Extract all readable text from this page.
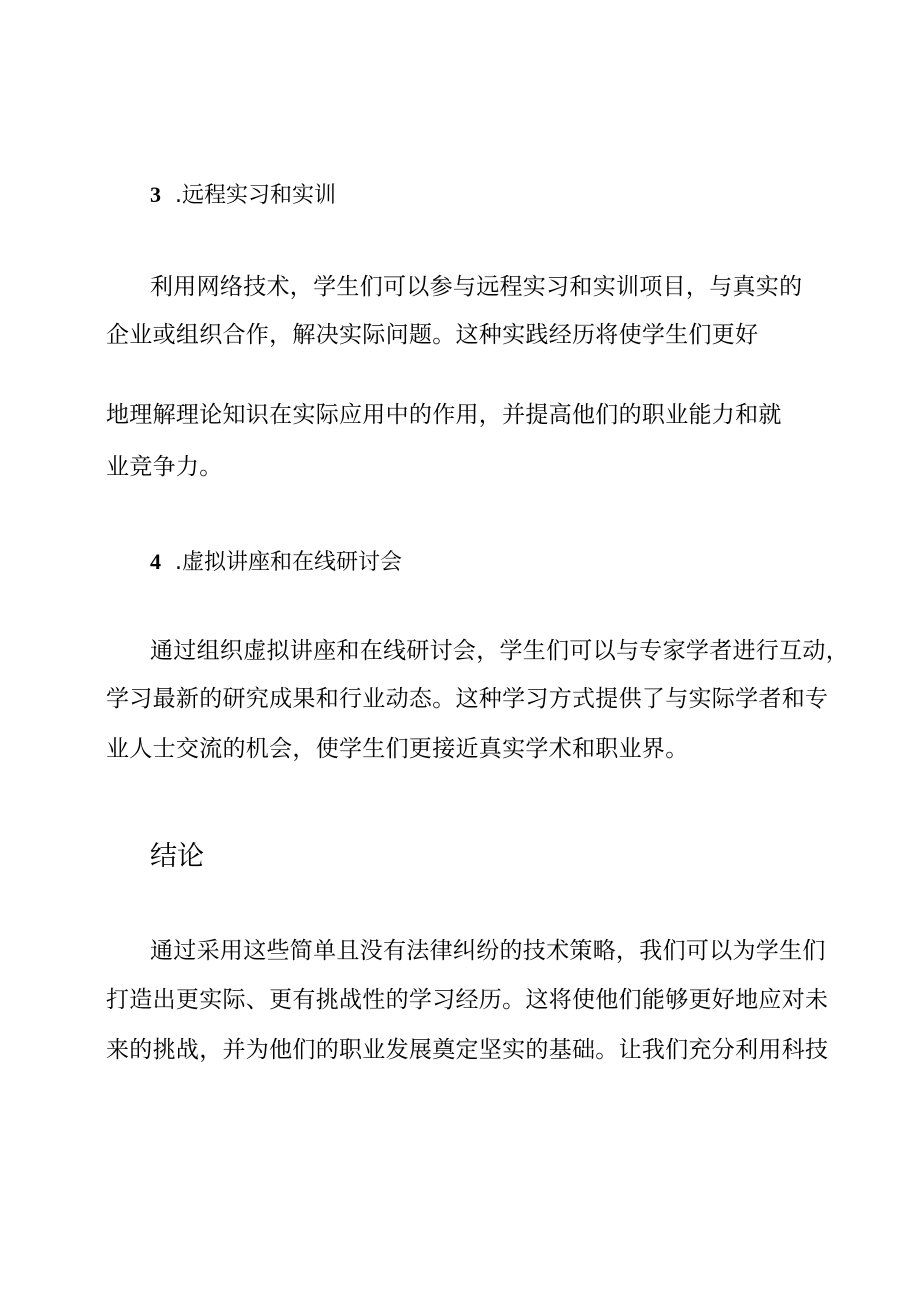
3 .远程实习和实训
利用网络技术，学生们可以参与远程实习和实训项目，与真实的
企业或组织合作，解决实际问题。这种实践经历将使学生们更好
地理解理论知识在实际应用中的作用，并提高他们的职业能力和就
业竞争力。
4 .虚拟讲座和在线研讨会
通过组织虚拟讲座和在线研讨会，学生们可以与专家学者进行互动，
学习最新的研究成果和行业动态。这种学习方式提供了与实际学者和专
业人士交流的机会，使学生们更接近真实学术和职业界。
结论
通过采用这些简单且没有法律纠纷的技术策略，我们可以为学生们
打造出更实际、更有挑战性的学习经历。这将使他们能够更好地应对未
来的挑战，并为他们的职业发展奠定坚实的基础。让我们充分利用科技
